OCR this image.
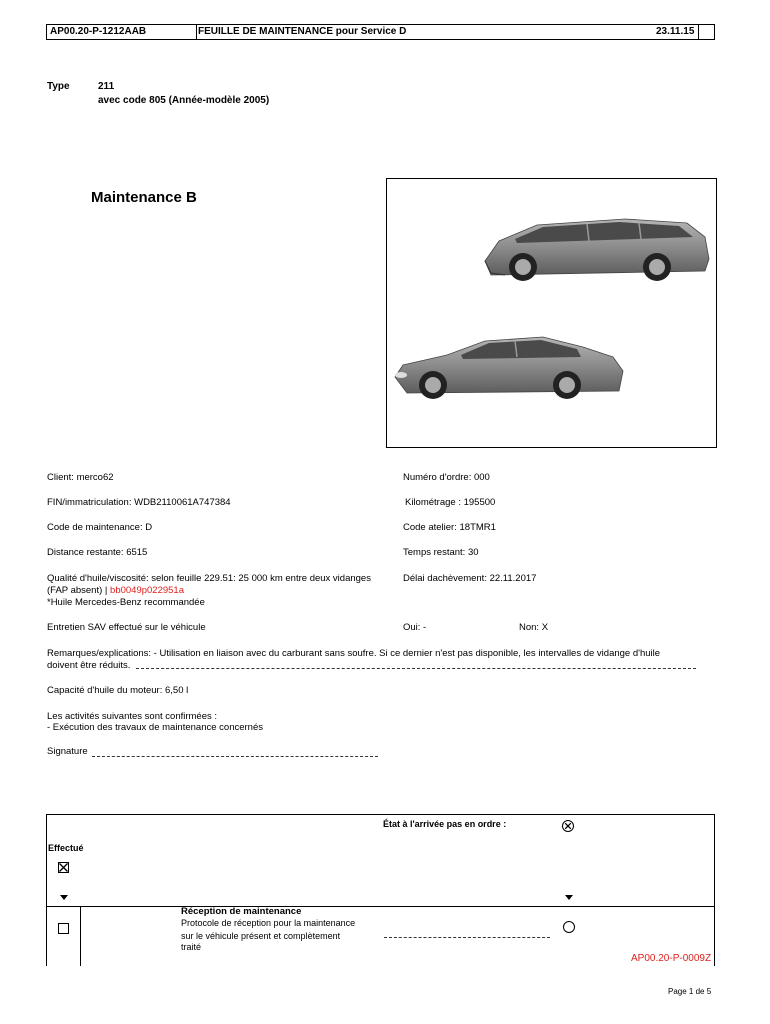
AP00.20-P-1212AAB	FEUILLE DE MAINTENANCE pour Service D	23.11.15
Type	211
avec code 805 (Année-modèle 2005)
Maintenance B
Client: merco62	Numéro d'ordre: 000
FIN/immatriculation: WDB2110061A747384	Kilométrage : 195500
Code de maintenance: D	Code atelier: 18TMR1
Distance restante: 6515	Temps restant: 30
Qualité d'huile/viscosité: selon feuille 229.51: 25 000 km entre deux vidanges	Délai dachèvement: 22.11.2017
(FAP absent) | bb0049p022951a
*Huile Mercedes-Benz recommandée
Entretien SAV effectué sur le véhicule	Oui: -	Non: X
Remarques/explications: - Utilisation en liaison avec du carburant sans soufre. Si ce dernier n'est pas disponible, les intervalles de vidange d'huile
doivent être réduits.
Capacité d'huile du moteur: 6,50 l
Les activités suivantes sont confirmées :
- Exécution des travaux de maintenance concernés
Signature
État à l'arrivée pas en ordre :
Effectué
Réception de maintenance
Protocole de réception pour la maintenance
sur le véhicule présent et complètement
traité
AP00.20-P-0009Z
Page 1 de 5
